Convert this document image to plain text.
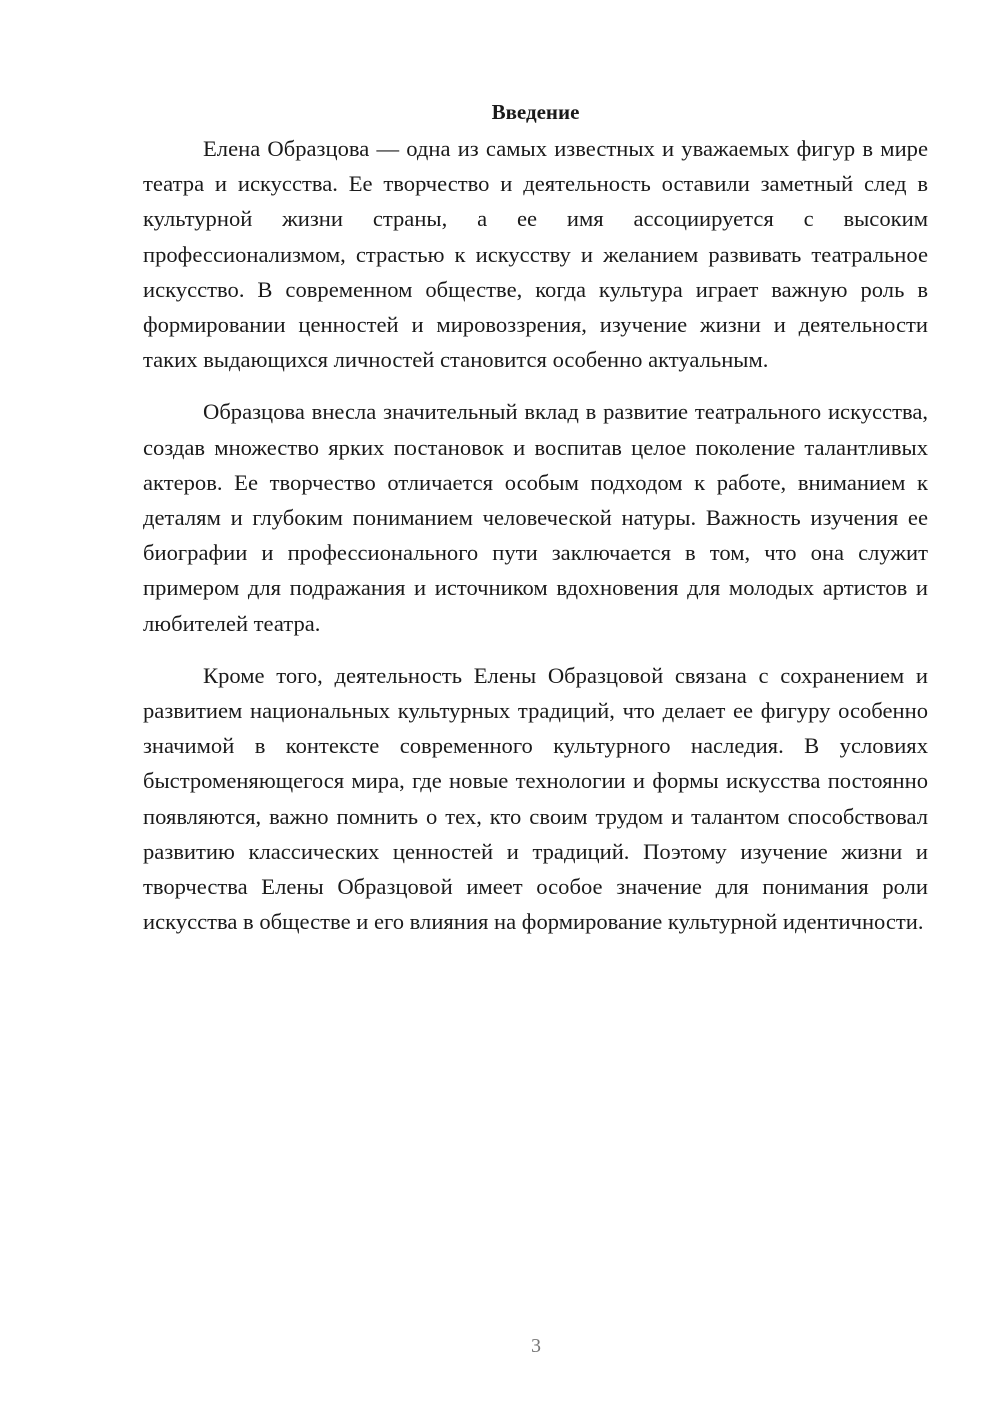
Введение

Елена Образцова — одна из самых известных и уважаемых фигур в мире театра и искусства. Ее творчество и деятельность оставили заметный след в культурной жизни страны, а ее имя ассоциируется с высоким профессионализмом, страстью к искусству и желанием развивать театральное искусство. В современном обществе, когда культура играет важную роль в формировании ценностей и мировоззрения, изучение жизни и деятельности таких выдающихся личностей становится особенно актуальным.

Образцова внесла значительный вклад в развитие театрального искусства, создав множество ярких постановок и воспитав целое поколение талантливых актеров. Ее творчество отличается особым подходом к работе, вниманием к деталям и глубоким пониманием человеческой натуры. Важность изучения ее биографии и профессионального пути заключается в том, что она служит примером для подражания и источником вдохновения для молодых артистов и любителей театра.

Кроме того, деятельность Елены Образцовой связана с сохранением и развитием национальных культурных традиций, что делает ее фигуру особенно значимой в контексте современного культурного наследия. В условиях быстроменяющегося мира, где новые технологии и формы искусства постоянно появляются, важно помнить о тех, кто своим трудом и талантом способствовал развитию классических ценностей и традиций. Поэтому изучение жизни и творчества Елены Образцовой имеет особое значение для понимания роли искусства в обществе и его влияния на формирование культурной идентичности.

3
